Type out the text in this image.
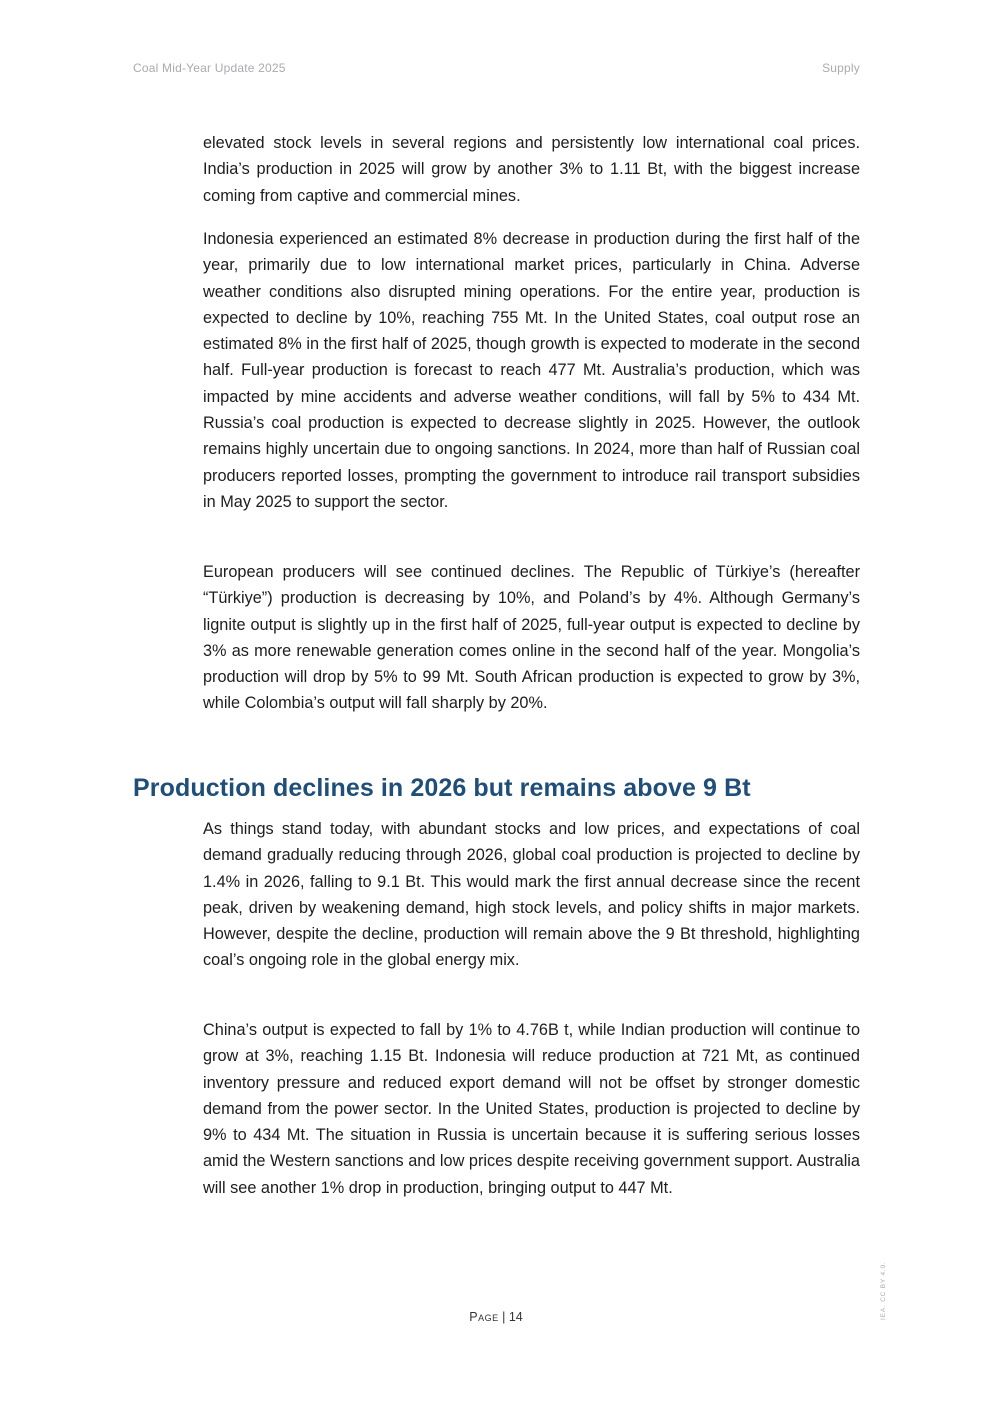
Coal Mid-Year Update 2025	Supply

elevated stock levels in several regions and persistently low international coal prices. India’s production in 2025 will grow by another 3% to 1.11 Bt, with the biggest increase coming from captive and commercial mines.

Indonesia experienced an estimated 8% decrease in production during the first half of the year, primarily due to low international market prices, particularly in China. Adverse weather conditions also disrupted mining operations. For the entire year, production is expected to decline by 10%, reaching 755 Mt. In the United States, coal output rose an estimated 8% in the first half of 2025, though growth is expected to moderate in the second half. Full-year production is forecast to reach 477 Mt. Australia’s production, which was impacted by mine accidents and adverse weather conditions, will fall by 5% to 434 Mt. Russia’s coal production is expected to decrease slightly in 2025. However, the outlook remains highly uncertain due to ongoing sanctions. In 2024, more than half of Russian coal producers reported losses, prompting the government to introduce rail transport subsidies in May 2025 to support the sector.

European producers will see continued declines. The Republic of Türkiye’s (hereafter “Türkiye”) production is decreasing by 10%, and Poland’s by 4%. Although Germany’s lignite output is slightly up in the first half of 2025, full-year output is expected to decline by 3% as more renewable generation comes online in the second half of the year. Mongolia’s production will drop by 5% to 99 Mt. South African production is expected to grow by 3%, while Colombia’s output will fall sharply by 20%.

Production declines in 2026 but remains above 9 Bt

As things stand today, with abundant stocks and low prices, and expectations of coal demand gradually reducing through 2026, global coal production is projected to decline by 1.4% in 2026, falling to 9.1 Bt. This would mark the first annual decrease since the recent peak, driven by weakening demand, high stock levels, and policy shifts in major markets. However, despite the decline, production will remain above the 9 Bt threshold, highlighting coal’s ongoing role in the global energy mix.

China’s output is expected to fall by 1% to 4.76B t, while Indian production will continue to grow at 3%, reaching 1.15 Bt. Indonesia will reduce production at 721 Mt, as continued inventory pressure and reduced export demand will not be offset by stronger domestic demand from the power sector. In the United States, production is projected to decline by 9% to 434 Mt. The situation in Russia is uncertain because it is suffering serious losses amid the Western sanctions and low prices despite receiving government support. Australia will see another 1% drop in production, bringing output to 447 Mt.

Page | 14	IEA. CC BY 4.0.
